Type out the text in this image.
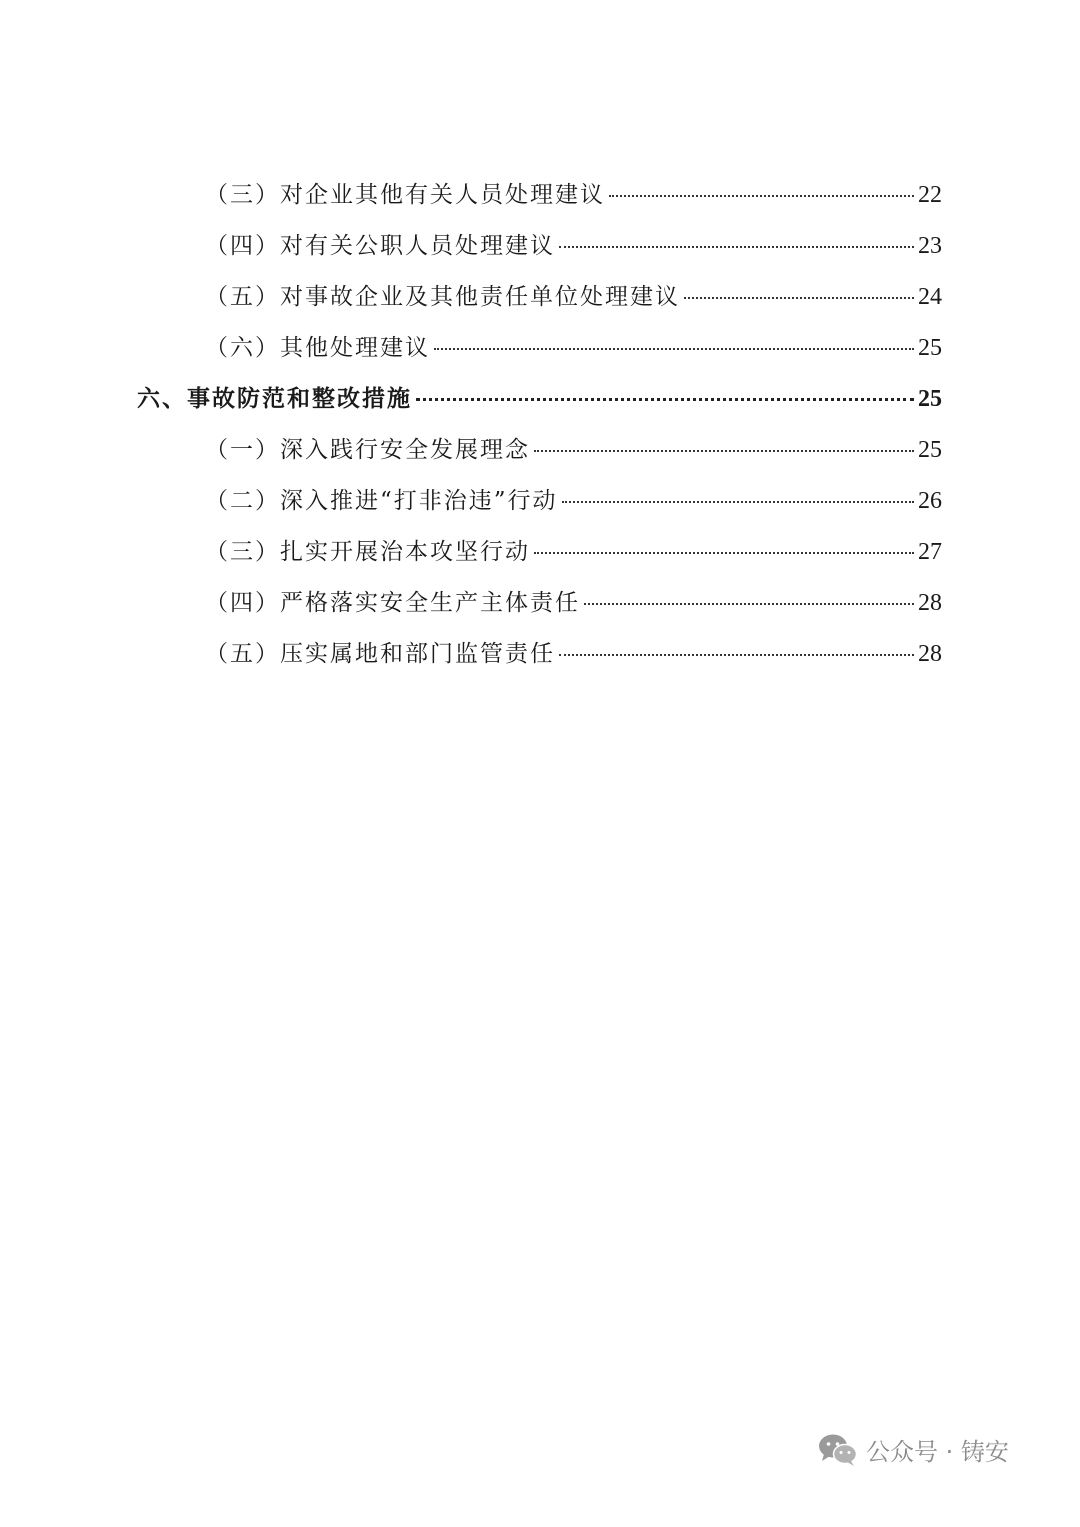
（三）对企业其他有关人员处理建议	22
（四）对有关公职人员处理建议	23
（五）对事故企业及其他责任单位处理建议	24
（六）其他处理建议	25
六、事故防范和整改措施	25
（一）深入践行安全发展理念	25
（二）深入推进“打非治违”行动	26
（三）扎实开展治本攻坚行动	27
（四）严格落实安全生产主体责任	28
（五）压实属地和部门监管责任	28
公众号 · 铸安
